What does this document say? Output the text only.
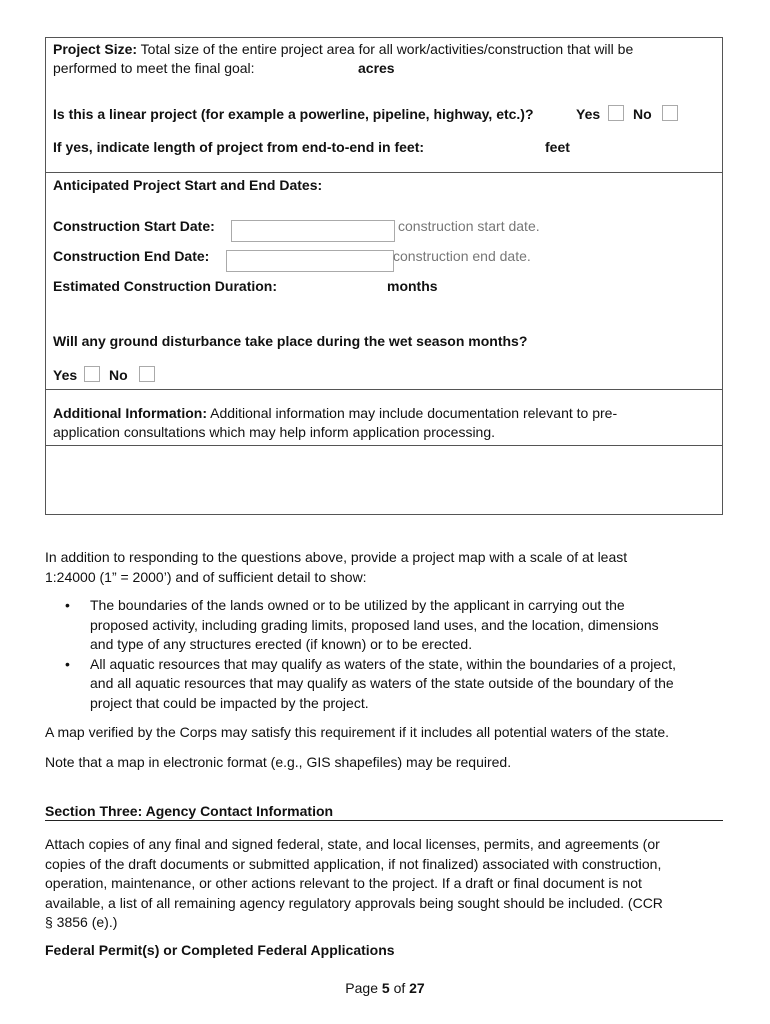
Project Size: Total size of the entire project area for all work/activities/construction that will be
performed to meet the final goal:	acres
Is this a linear project (for example a powerline, pipeline, highway, etc.)?	Yes No
If yes, indicate length of project from end-to-end in feet:	feet
Anticipated Project Start and End Dates:
Construction Start Date:	construction start date.
Construction End Date:	construction end date.
Estimated Construction Duration:	months
Will any ground disturbance take place during the wet season months?
Yes No
Additional Information: Additional information may include documentation relevant to pre-
application consultations which may help inform application processing.
In addition to responding to the questions above, provide a project map with a scale of at least
1:24000 (1” = 2000’) and of sufficient detail to show:
• The boundaries of the lands owned or to be utilized by the applicant in carrying out the
proposed activity, including grading limits, proposed land uses, and the location, dimensions
and type of any structures erected (if known) or to be erected.
• All aquatic resources that may qualify as waters of the state, within the boundaries of a project,
and all aquatic resources that may qualify as waters of the state outside of the boundary of the
project that could be impacted by the project.
A map verified by the Corps may satisfy this requirement if it includes all potential waters of the state.
Note that a map in electronic format (e.g., GIS shapefiles) may be required.
Section Three: Agency Contact Information
Attach copies of any final and signed federal, state, and local licenses, permits, and agreements (or
copies of the draft documents or submitted application, if not finalized) associated with construction,
operation, maintenance, or other actions relevant to the project. If a draft or final document is not
available, a list of all remaining agency regulatory approvals being sought should be included. (CCR
§ 3856 (e).)
Federal Permit(s) or Completed Federal Applications
Page 5 of 27
